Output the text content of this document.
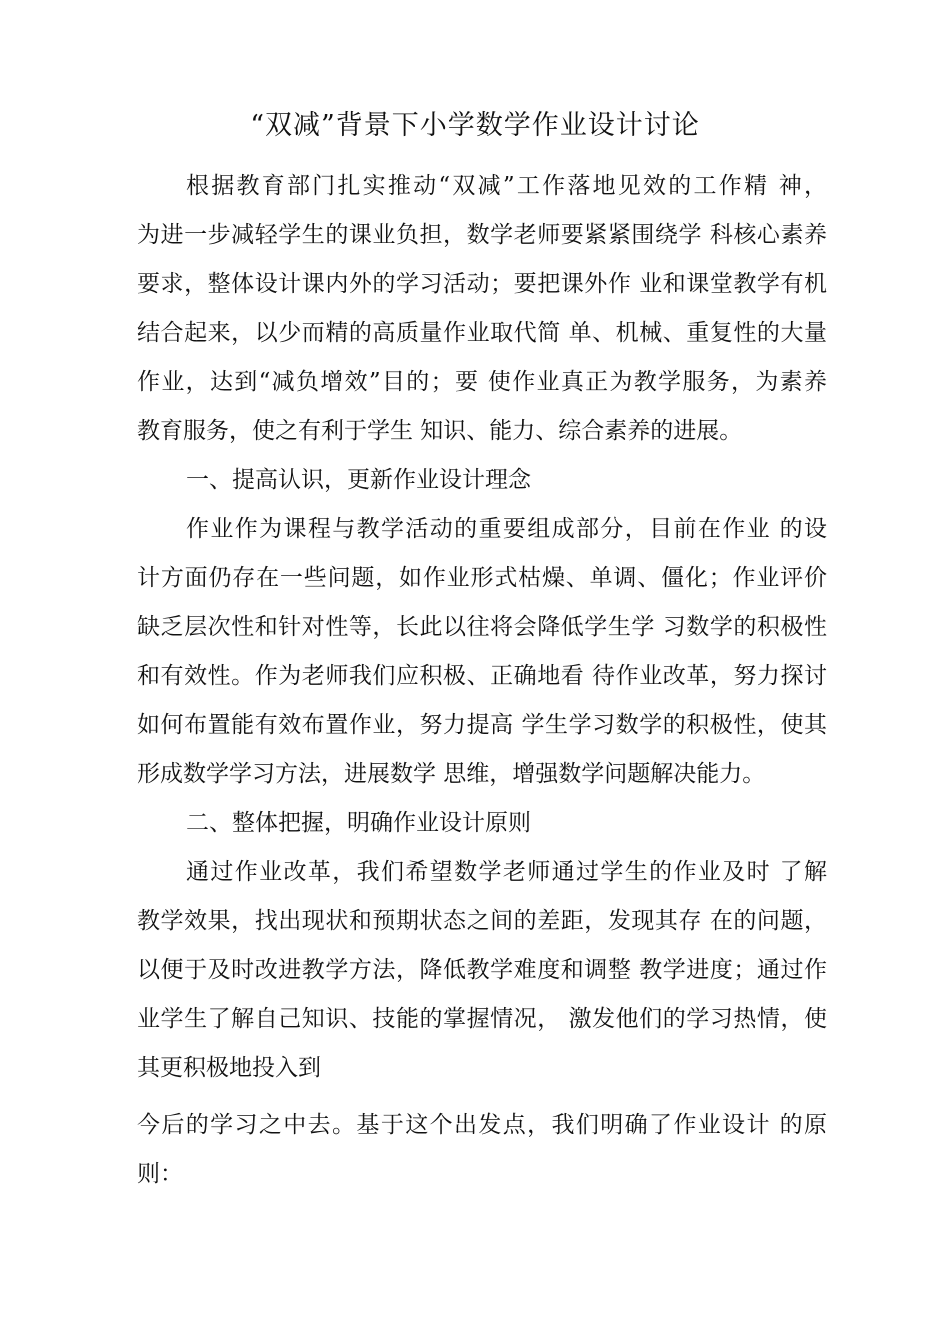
“双减”背景下小学数学作业设计讨论
根据教育部门扎实推动“双减”工作落地见效的工作精 神，
为进一步减轻学生的课业负担，数学老师要紧紧围绕学 科核心素养
要求，整体设计课内外的学习活动；要把课外作 业和课堂教学有机
结合起来，以少而精的高质量作业取代简 单、机械、重复性的大量
作业，达到“减负增效”目的；要 使作业真正为教学服务，为素养
教育服务，使之有利于学生 知识、能力、综合素养的进展。
一、提高认识，更新作业设计理念
作业作为课程与教学活动的重要组成部分，目前在作业 的设
计方面仍存在一些问题，如作业形式枯燥、单调、僵化；作业评价
缺乏层次性和针对性等，长此以往将会降低学生学 习数学的积极性
和有效性。作为老师我们应积极、正确地看 待作业改革，努力探讨
如何布置能有效布置作业，努力提高 学生学习数学的积极性，使其
形成数学学习方法，进展数学 思维，增强数学问题解决能力。
二、整体把握，明确作业设计原则
通过作业改革，我们希望数学老师通过学生的作业及时 了解
教学效果，找出现状和预期状态之间的差距，发现其存 在的问题，
以便于及时改进教学方法，降低教学难度和调整 教学进度；通过作
业学生了解自己知识、技能的掌握情况， 激发他们的学习热情，使
其更积极地投入到
今后的学习之中去。基于这个出发点，我们明确了作业设计 的原
则：
